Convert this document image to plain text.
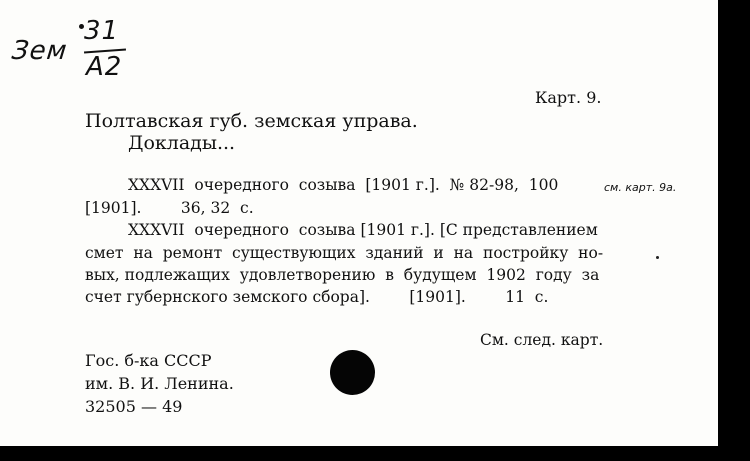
Зем
31
А2
Карт. 9.
Полтавская губ. земская управа.
Доклады...
XXXVII  очередного  созыва  [1901 г.].  № 82-98,  100	см. карт. 9а.
[1901].        36, 32  с.
XXXVII  очередного  созыва [1901 г.]. [С представлением
смет  на  ремонт  существующих  зданий  и  на  постройку  но-
вых, подлежащих  удовлетворению  в  будущем  1902  году  за
счет губернского земского сбора].        [1901].        11  с.
См. след. карт.
Гос. б-ка СССР
им. В. И. Ленина.
32505 — 49
